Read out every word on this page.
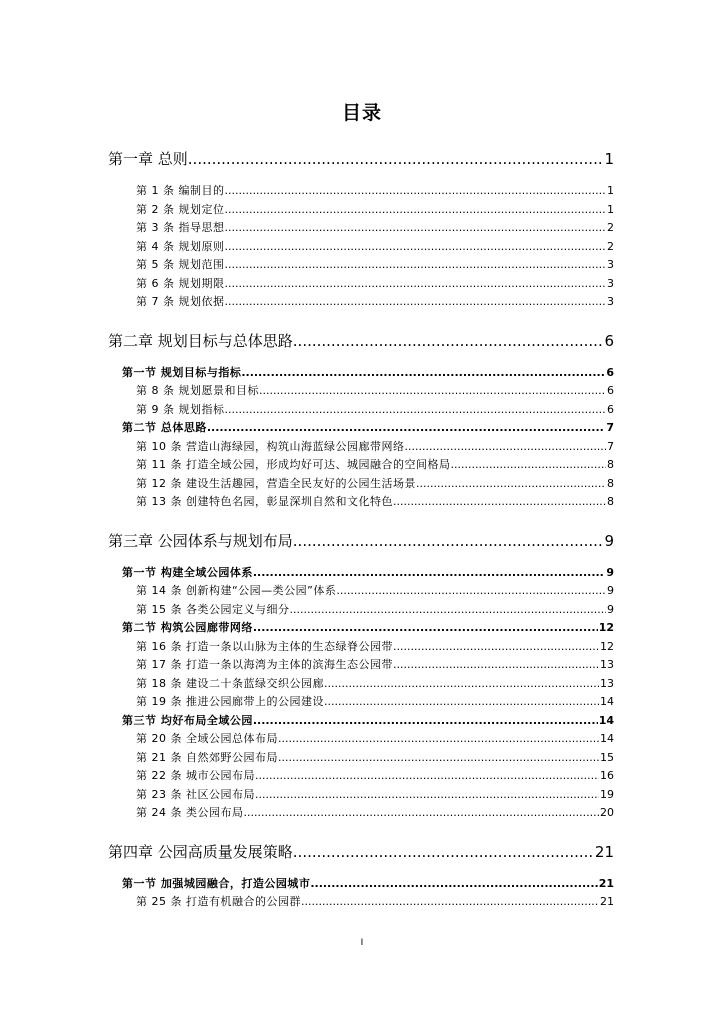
目录
第一章 总则 .....	1
第 1 条 编制目的 .....	1
第 2 条 规划定位 .....	1
第 3 条 指导思想 .....	2
第 4 条 规划原则 .....	2
第 5 条 规划范围 .....	3
第 6 条 规划期限 .....	3
第 7 条 规划依据 .....	3
第二章 规划目标与总体思路 .....	6
第一节 规划目标与指标 .....	6
第 8 条 规划愿景和目标 .....	6
第 9 条 规划指标 .....	6
第二节 总体思路 .....	7
第 10 条 营造山海绿园，构筑山海蓝绿公园廊带网络 .....	7
第 11 条 打造全域公园，形成均好可达、城园融合的空间格局 .....	8
第 12 条 建设生活趣园，营造全民友好的公园生活场景 .....	8
第 13 条 创建特色名园，彰显深圳自然和文化特色 .....	8
第三章 公园体系与规划布局 .....	9
第一节 构建全域公园体系 .....	9
第 14 条 创新构建“公园—类公园”体系 .....	9
第 15 条 各类公园定义与细分 .....	9
第二节 构筑公园廊带网络 .....	12
第 16 条 打造一条以山脉为主体的生态绿脊公园带 .....	12
第 17 条 打造一条以海湾为主体的滨海生态公园带 .....	13
第 18 条 建设二十条蓝绿交织公园廊 .....	13
第 19 条 推进公园廊带上的公园建设 .....	14
第三节 均好布局全域公园 .....	14
第 20 条 全域公园总体布局 .....	14
第 21 条 自然郊野公园布局 .....	15
第 22 条 城市公园布局 .....	16
第 23 条 社区公园布局 .....	19
第 24 条 类公园布局 .....	20
第四章 公园高质量发展策略 .....	21
第一节 加强城园融合，打造公园城市 .....	21
第 25 条 打造有机融合的公园群 .....	21
I
